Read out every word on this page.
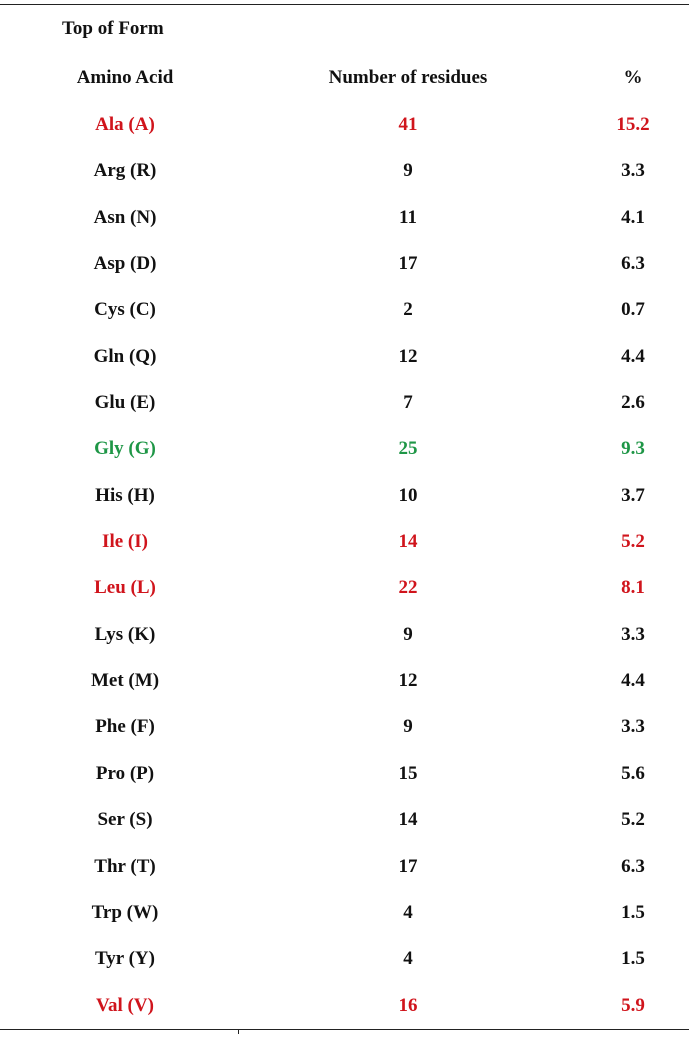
Top of Form
Amino Acid	Number of residues	%
Ala (A)	41	15.2
Arg (R)	9	3.3
Asn (N)	11	4.1
Asp (D)	17	6.3
Cys (C)	2	0.7
Gln (Q)	12	4.4
Glu (E)	7	2.6
Gly (G)	25	9.3
His (H)	10	3.7
Ile (I)	14	5.2
Leu (L)	22	8.1
Lys (K)	9	3.3
Met (M)	12	4.4
Phe (F)	9	3.3
Pro (P)	15	5.6
Ser (S)	14	5.2
Thr (T)	17	6.3
Trp (W)	4	1.5
Tyr (Y)	4	1.5
Val (V)	16	5.9
